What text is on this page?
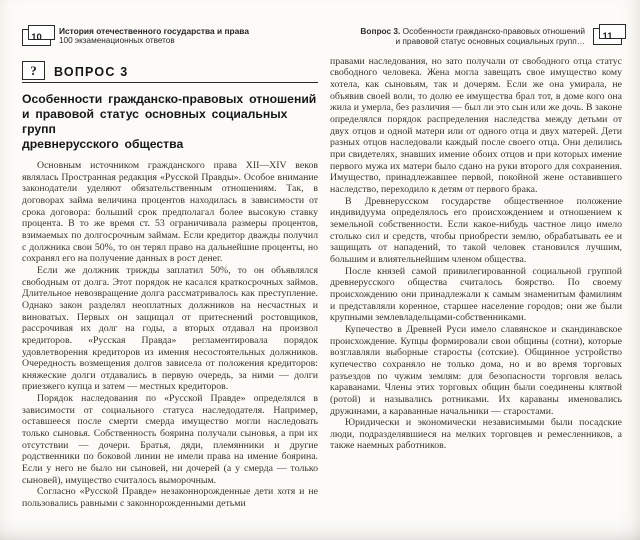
10
История отечественного государства и права
100 экзаменационных ответов
? ВОПРОС 3
Особенности гражданско-правовых отношений
и правовой статус основных социальных групп
древнерусского общества

Основным источником гражданского права XII—XIV веков являлась Пространная редакция «Русской Правды». Особое внимание законодатели уделяют обязательственным отношениям. Так, в договорах займа величина процентов находилась в зависимости от срока договора: больший срок предполагал более высокую ставку процента. В то же время ст. 53 ограничивала размеры процентов, взимаемых по долгосрочным займам. Если кредитор дважды получил с должника свои 50%, то он терял право на дальнейшие проценты, но сохранял его на получение данных в рост денег.

Если же должник трижды заплатил 50%, то он объявлялся свободным от долга. Этот порядок не касался краткосрочных займов. Длительное невозвращение долга рассматривалось как преступление. Однако закон разделял неоплатных должников на несчастных и виноватых. Первых он защищал от притеснений ростовщиков, рассрочивая их долг на годы, а вторых отдавал на произвол кредиторов. «Русская Правда» регламентировала порядок удовлетворения кредиторов из имения несостоятельных должников. Очередность возмещения долгов зависела от положения кредиторов: княжеские долги отдавались в первую очередь, за ними — долги приезжего купца и затем — местных кредиторов.

Порядок наследования по «Русской Правде» определялся в зависимости от социального статуса наследодателя. Например, оставшееся после смерти смерда имущество могли наследовать только сыновья. Собственность боярина получали сыновья, а при их отсутствии — дочери. Братья, дяди, племянники и другие родственники по боковой линии не имели права на имение боярина. Если у него не было ни сыновей, ни дочерей (а у смерда — только сыновей), имущество считалось выморочным.

Согласно «Русской Правде» незаконнорожденные дети хотя и не пользовались равными с законнорожденными детьми

Вопрос 3. Особенности гражданско-правовых отношений
и правовой статус основных социальных групп… 11

правами наследования, но зато получали от свободного отца статус свободного человека. Жена могла завещать свое имущество кому хотела, как сыновьям, так и дочерям. Если же она умирала, не объявив своей воли, то долю ее имущества брал тот, в доме кого она жила и умерла, без различия — был ли это сын или же дочь. В законе определялся порядок распределения наследства между детьми от двух отцов и одной матери или от одного отца и двух матерей. Дети разных отцов наследовали каждый после своего отца. Они делились при свидетелях, знавших имение обоих отцов и при которых имение первого мужа их матери было сдано на руки второго для сохранения. Имущество, принадлежавшее первой, покойной жене оставившего наследство, переходило к детям от первого брака.

В Древнерусском государстве общественное положение индивидуума определялось его происхождением и отношением к земельной собственности. Если какое-нибудь частное лицо имело столько сил и средств, чтобы приобрести землю, обрабатывать ее и защищать от нападений, то такой человек становился лучшим, большим и влиятельнейшим членом общества.

После князей самой привилегированной социальной группой древнерусского общества считалось боярство. По своему происхождению они принадлежали к самым знаменитым фамилиям и представляли коренное, старшее население городов; они же были крупными землевладельцами-собственниками.

Купечество в Древней Руси имело славянское и скандинавское происхождение. Купцы формировали свои общины (сотни), которые возглавляли выборные старосты (сотские). Общинное устройство купечество сохраняло не только дома, но и во время торговых разъездов по чужим землям: для безопасности торговля велась караванами. Члены этих торговых общин были соединены клятвой (ротой) и назывались ротниками. Их караваны именовались дружинами, а караванные начальники — старостами.

Юридически и экономически независимыми были посадские люди, подразделявшиеся на мелких торговцев и ремесленников, а также наемных работников.
